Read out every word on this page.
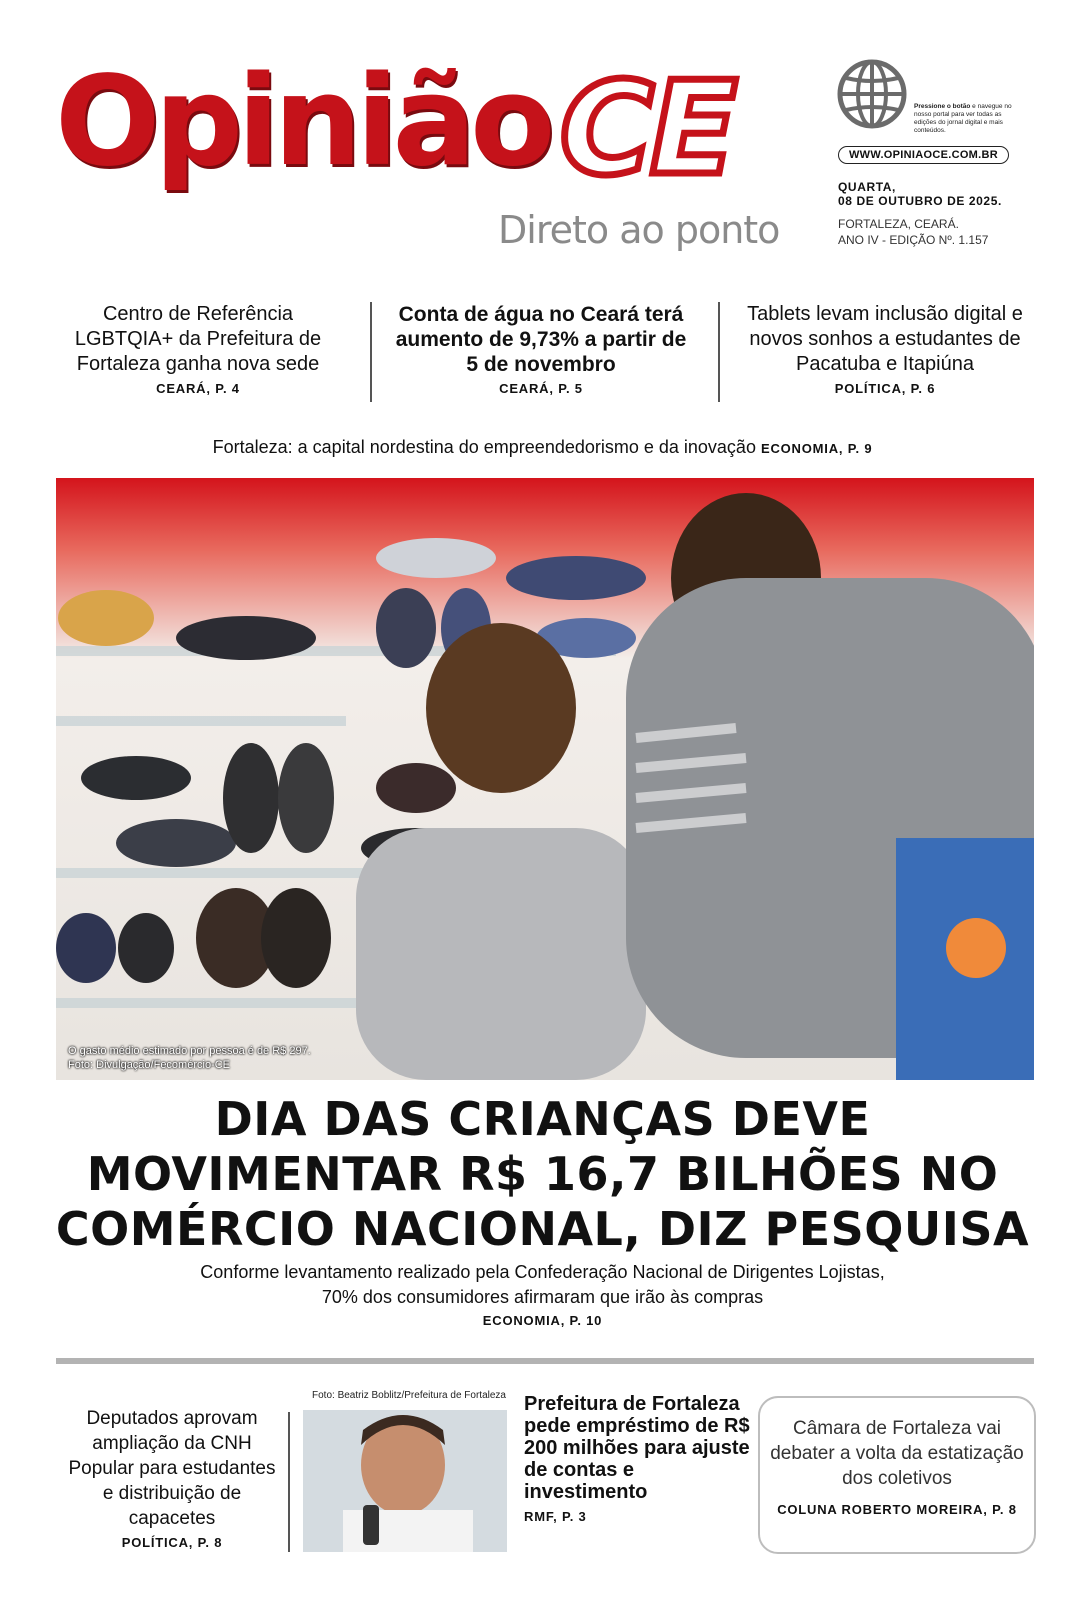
Opinião CE
Direto ao ponto
Pressione o botão e navegue no nosso portal para ver todas as edições do jornal digital e mais conteúdos.
WWW.OPINIAOCE.COM.BR
QUARTA,
08 DE OUTUBRO DE 2025.
FORTALEZA, CEARÁ.
ANO IV - EDIÇÃO Nº. 1.157
Centro de Referência LGBTQIA+ da Prefeitura de Fortaleza ganha nova sede
CEARÁ, P. 4
Conta de água no Ceará terá aumento de 9,73% a partir de 5 de novembro
CEARÁ, P. 5
Tablets levam inclusão digital e novos sonhos a estudantes de Pacatuba e Itapiúna
POLÍTICA, P. 6
Fortaleza: a capital nordestina do empreendedorismo e da inovação ECONOMIA, P. 9
O gasto médio estimado por pessoa é de R$ 297.
Foto: Divulgação/Fecomércio-CE
DIA DAS CRIANÇAS DEVE MOVIMENTAR R$ 16,7 BILHÕES NO COMÉRCIO NACIONAL, DIZ PESQUISA
Conforme levantamento realizado pela Confederação Nacional de Dirigentes Lojistas,
70% dos consumidores afirmaram que irão às compras
ECONOMIA, P. 10
Deputados aprovam ampliação da CNH Popular para estudantes e distribuição de capacetes
POLÍTICA, P. 8
Foto: Beatriz Boblitz/Prefeitura de Fortaleza Prefeitura de Fortaleza pede empréstimo de R$ 200 milhões para ajuste de contas e investimento
RMF, P. 3
Câmara de Fortaleza vai debater a volta da estatização dos coletivos
COLUNA ROBERTO MOREIRA, P. 8
